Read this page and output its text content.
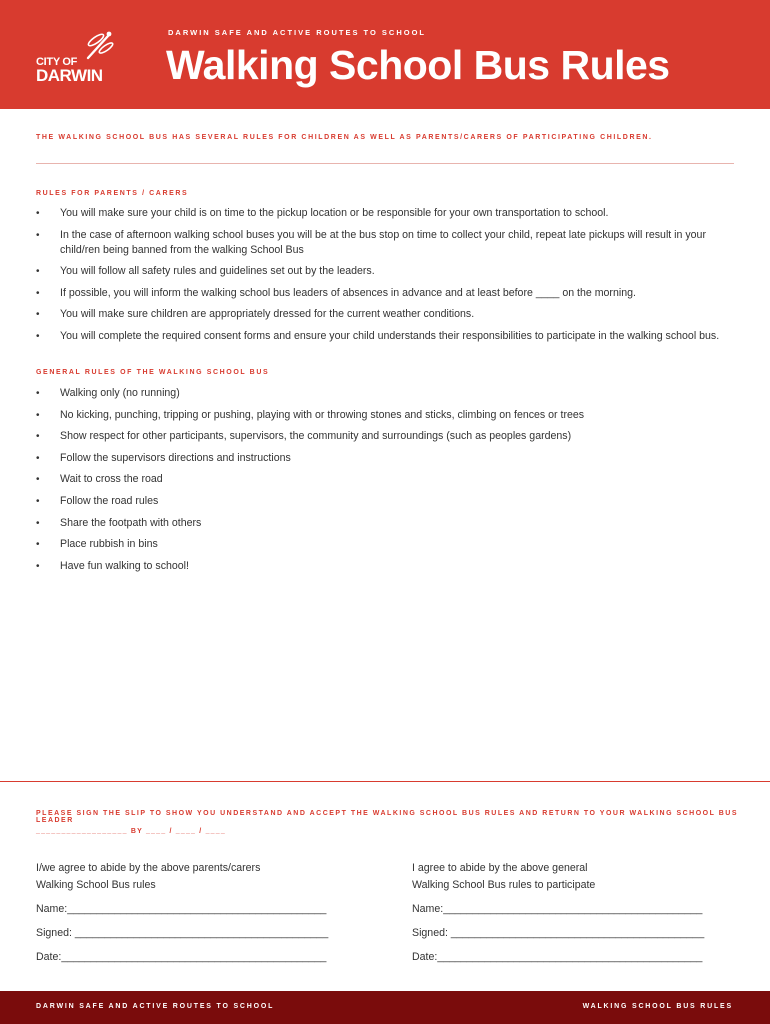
CITY OF
DARWIN
DARWIN SAFE AND ACTIVE ROUTES TO SCHOOL
Walking School Bus Rules
THE WALKING SCHOOL BUS HAS SEVERAL RULES FOR CHILDREN AS WELL AS PARENTS/CARERS OF PARTICIPATING CHILDREN.
RULES FOR PARENTS / CARERS
• You will make sure your child is on time to the pickup location or be responsible for your own transportation to school.
• In the case of afternoon walking school buses you will be at the bus stop on time to collect your child, repeat late pickups will result in your child/ren being banned from the walking School Bus
• You will follow all safety rules and guidelines set out by the leaders.
• If possible, you will inform the walking school bus leaders of absences in advance and at least before ____ on the morning.
• You will make sure children are appropriately dressed for the current weather conditions.
• You will complete the required consent forms and ensure your child understands their responsibilities to participate in the walking school bus.
GENERAL RULES OF THE WALKING SCHOOL BUS
• Walking only (no running)
• No kicking, punching, tripping or pushing, playing with or throwing stones and sticks, climbing on fences or trees
• Show respect for other participants, supervisors, the community and surroundings (such as peoples gardens)
• Follow the supervisors directions and instructions
• Wait to cross the road
• Follow the road rules
• Share the footpath with others
• Place rubbish in bins
• Have fun walking to school!
PLEASE SIGN THE SLIP TO SHOW YOU UNDERSTAND AND ACCEPT THE WALKING SCHOOL BUS RULES AND RETURN TO YOUR WALKING SCHOOL BUS LEADER
__________________ BY ____ / ____ / ____
I/we agree to abide by the above parents/carers
Walking School Bus rules
Name:____________________________________________
Signed: ___________________________________________
Date:_____________________________________________
I agree to abide by the above general
Walking School Bus rules to participate
Name:____________________________________________
Signed: ___________________________________________
Date:_____________________________________________
DARWIN SAFE AND ACTIVE ROUTES TO SCHOOL	WALKING SCHOOL BUS RULES
